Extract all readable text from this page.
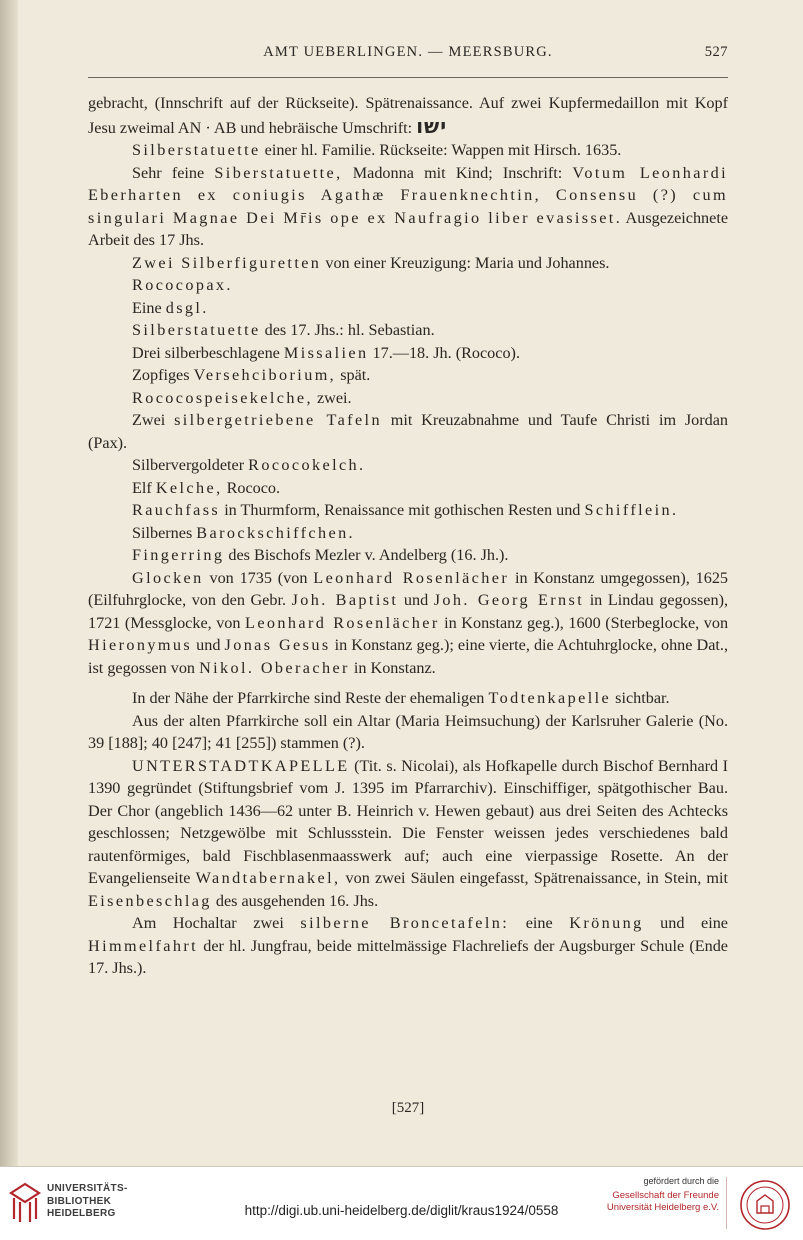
AMT UEBERLINGEN. — MEERSBURG.	527

gebracht, (Innschrift auf der Rückseite). Spätrenaissance. Auf zwei Kupfermedaillon mit Kopf Jesu zweimal AN · AB und hebräische Umschrift: ישו

Silberstatuette einer hl. Familie. Rückseite: Wappen mit Hirsch. 1635.

Sehr feine Siberstatuette, Madonna mit Kind; Inschrift: Votum Leonhardi Eberharten ex coniugis Agathæ Frauenknechtin, Consensu (?) cum singulari Magnae Dei Mr̄is ope ex Naufragio liber evasisset. Ausgezeichnete Arbeit des 17 Jhs.

Zwei Silberfiguretten von einer Kreuzigung: Maria und Johannes.

Rococopax.

Eine dsgl.

Silberstatuette des 17. Jhs.: hl. Sebastian.

Drei silberbeschlagene Missalien 17.—18. Jh. (Rococo).

Zopfiges Versehciborium, spät.

Rococospeisekelche, zwei.

Zwei silbergetriebene Tafeln mit Kreuzabnahme und Taufe Christi im Jordan (Pax).

Silbervergoldeter Rococokelch.

Elf Kelche, Rococo.

Rauchfass in Thurmform, Renaissance mit gothischen Resten und Schifflein.

Silbernes Barockschiffchen.

Fingerring des Bischofs Mezler v. Andelberg (16. Jh.).

Glocken von 1735 (von Leonhard Rosenlächer in Konstanz umgegossen), 1625 (Eilfuhrglocke, von den Gebr. Joh. Baptist und Joh. Georg Ernst in Lindau gegossen), 1721 (Messglocke, von Leonhard Rosenlächer in Konstanz geg.), 1600 (Sterbeglocke, von Hieronymus und Jonas Gesus in Konstanz geg.); eine vierte, die Achtuhrglocke, ohne Dat., ist gegossen von Nikol. Oberacher in Konstanz.

In der Nähe der Pfarrkirche sind Reste der ehemaligen Todtenkapelle sichtbar.

Aus der alten Pfarrkirche soll ein Altar (Maria Heimsuchung) der Karlsruher Galerie (No. 39 [188]; 40 [247]; 41 [255]) stammen (?).

UNTERSTADTKAPELLE (Tit. s. Nicolai), als Hofkapelle durch Bischof Bernhard I 1390 gegründet (Stiftungsbrief vom J. 1395 im Pfarrarchiv). Einschiffiger, spätgothischer Bau. Der Chor (angeblich 1436—62 unter B. Heinrich v. Hewen gebaut) aus drei Seiten des Achtecks geschlossen; Netzgewölbe mit Schlussstein. Die Fenster weissen jedes verschiedenes bald rautenförmiges, bald Fischblasenmaasswerk auf; auch eine vierpassige Rosette. An der Evangelienseite Wandtabernakel, von zwei Säulen eingefasst, Spätrenaissance, in Stein, mit Eisenbeschlag des ausgehenden 16. Jhs.

Am Hochaltar zwei silberne Broncetafeln: eine Krönung und eine Himmelfahrt der hl. Jungfrau, beide mittelmässige Flachreliefs der Augsburger Schule (Ende 17. Jhs.).

[527]
UNIVERSITÄTS-
BIBLIOTHEK
HEIDELBERG	http://digi.ub.uni-heidelberg.de/diglit/kraus1924/0558
gefördert durch die
Gesellschaft der Freunde
Universität Heidelberg e.V.
